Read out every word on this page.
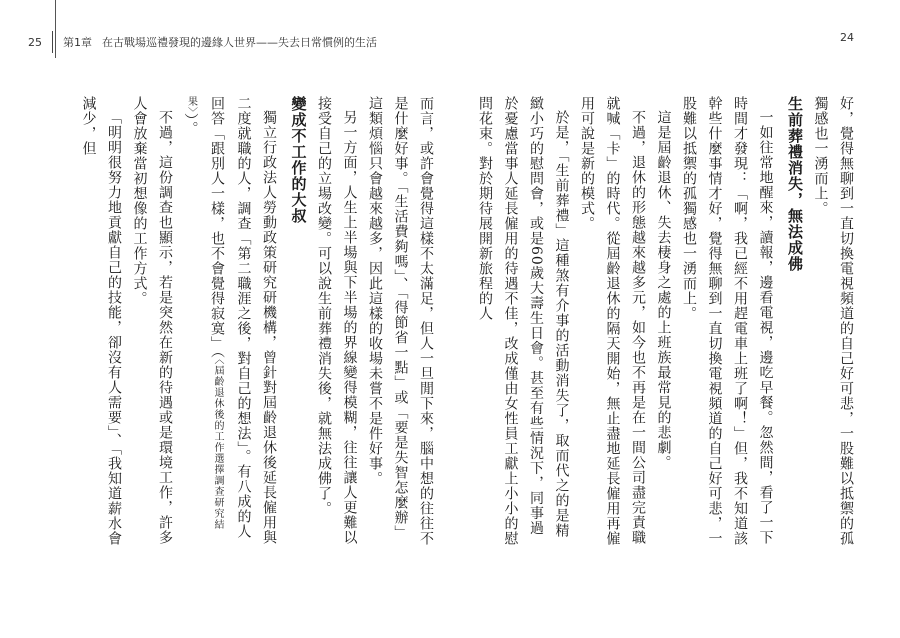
25 第1章 在古戰場巡禮發現的邊緣人世界——失去日常慣例的生活	24

好，覺得無聊到一直切換電視頻道的自己好可悲，一股難以抵禦的孤獨感也一湧而上。

生前葬禮消失，無法成佛

一如往常地醒來，讀報，邊看電視，邊吃早餐。忽然間，看了一下時間才發現：「啊，我已經不用趕電車上班了啊！」但，我不知道該幹些什麼事情才好，覺得無聊到一直切換電視頻道的自己好可悲，一股難以抵禦的孤獨感也一湧而上。

這是屆齡退休、失去棲身之處的上班族最常見的悲劇。

不過，退休的形態越來越多元，如今也不再是在一間公司盡完責職就喊「卡」的時代。從屆齡退休的隔天開始，無止盡地延長僱用再僱用可說是新的模式。

於是，「生前葬禮」這種煞有介事的活動消失了，取而代之的是精緻小巧的慰問會，或是60歲大壽生日會。甚至有些情況下，同事過於憂慮當事人延長僱用的待遇不佳，改成僅由女性員工獻上小小的慰問花束。對於期待展開新旅程的人

而言，或許會覺得這樣不太滿足，但人一旦閒下來，腦中想的往往不是什麼好事。「生活費夠嗎」、「得節省一點」或「要是失智怎麼辦」這類煩惱只會越來越多，因此這樣的收場未嘗不是件好事。

另一方面，人生上半場與下半場的界線變得模糊，往往讓人更難以接受自己的立場改變。可以說生前葬禮消失後，就無法成佛了。

變成不工作的大叔

獨立行政法人勞動政策研究研機構，曾針對屆齡退休後延長僱用與二度就職的人，調查「第二職涯之後，對自己的想法」。有八成的人回答「跟別人一樣，也不會覺得寂寞」（〈屆齡退休後的工作選擇調查研究結果〉）。

不過，這份調查也顯示，若是突然在新的待遇或是環境工作，許多人會放棄當初想像的工作方式。

「明明很努力地貢獻自己的技能，卻沒有人需要」、「我知道薪水會減少，但
